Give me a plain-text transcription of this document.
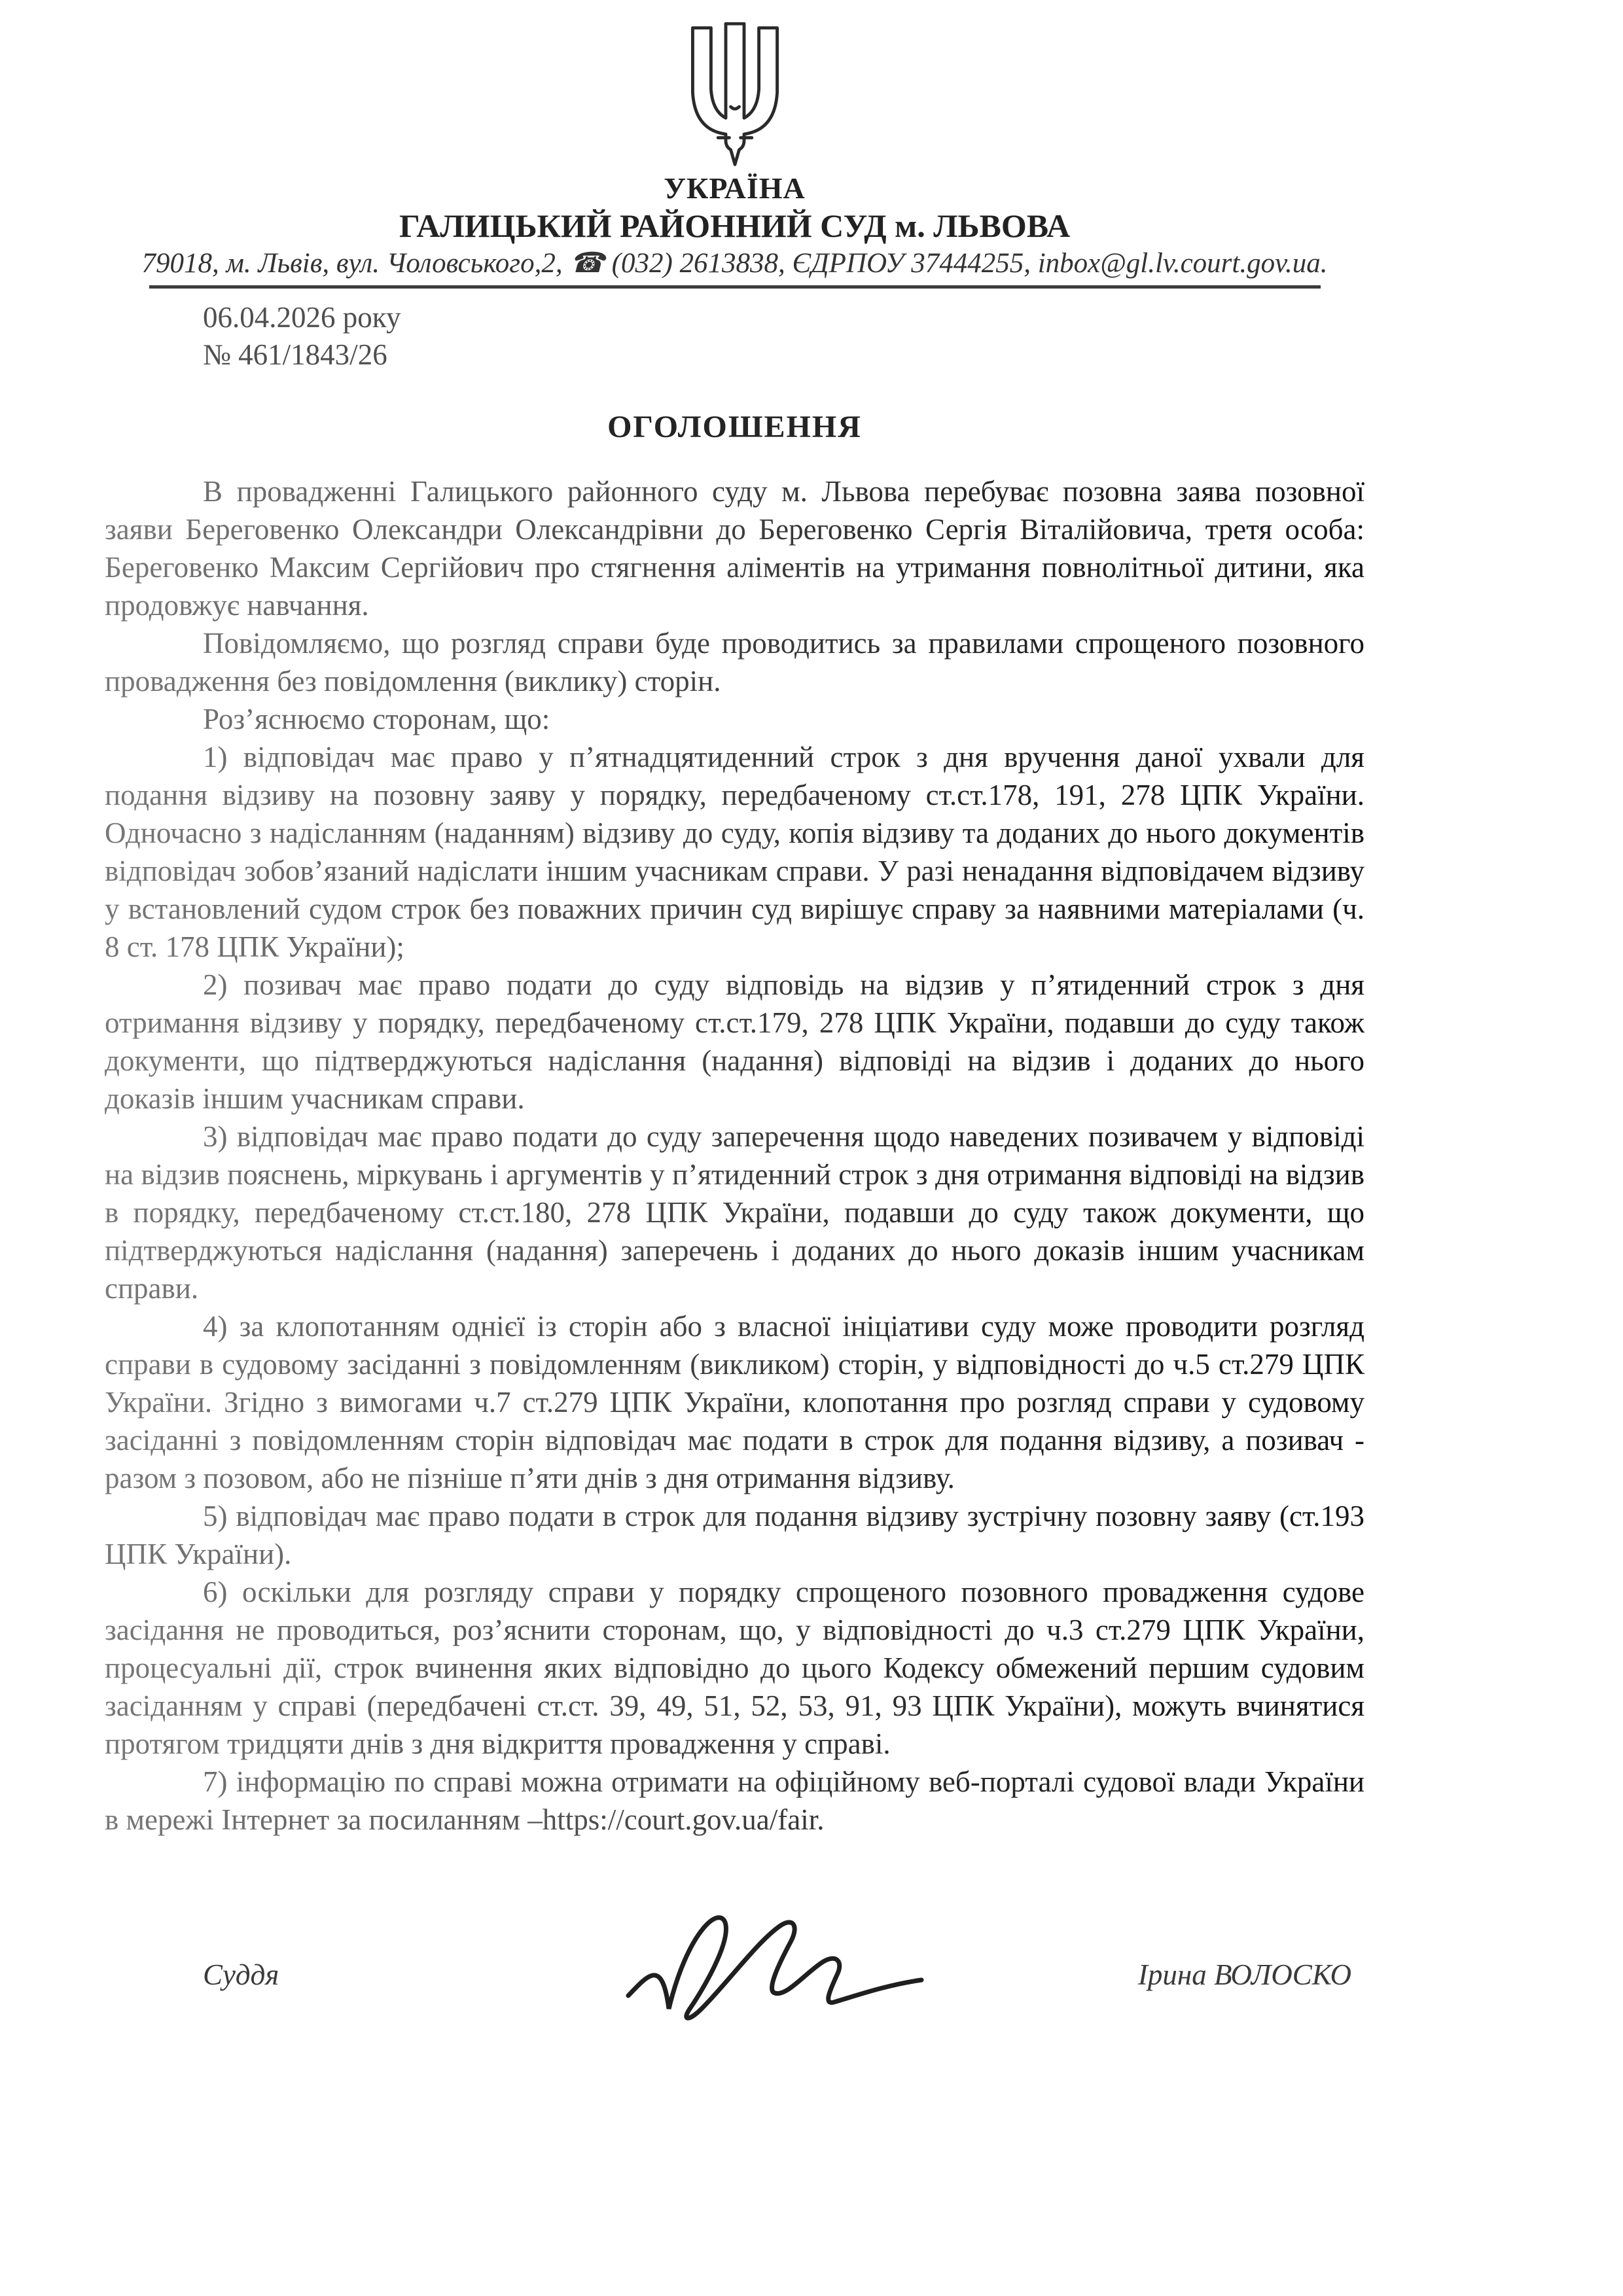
УКРАЇНА
ГАЛИЦЬКИЙ РАЙОННИЙ СУД м. ЛЬВОВА
79018, м. Львів, вул. Чоловського,2, ☎ (032) 2613838, ЄДРПОУ 37444255, inbox@gl.lv.court.gov.ua.
06.04.2026 року
№ 461/1843/26
ОГОЛОШЕННЯ

В провадженні Галицького районного суду м. Львова перебуває позовна заява позовної заяви Береговенко Олександри Олександрівни до Береговенко Сергія Віталійовича, третя особа: Береговенко Максим Сергійович про стягнення аліментів на утримання повнолітньої дитини, яка продовжує навчання.

Повідомляємо, що розгляд справи буде проводитись за правилами спрощеного позовного провадження без повідомлення (виклику) сторін.

Роз’яснюємо сторонам, що:

1) відповідач має право у п’ятнадцятиденний строк з дня вручення даної ухвали для подання відзиву на позовну заяву у порядку, передбаченому ст.ст.178, 191, 278 ЦПК України. Одночасно з надісланням (наданням) відзиву до суду, копія відзиву та доданих до нього документів відповідач зобов’язаний надіслати іншим учасникам справи. У разі ненадання відповідачем відзиву у встановлений судом строк без поважних причин суд вирішує справу за наявними матеріалами (ч. 8 ст. 178 ЦПК України);

2) позивач має право подати до суду відповідь на відзив у п’ятиденний строк з дня отримання відзиву у порядку, передбаченому ст.ст.179, 278 ЦПК України, подавши до суду також документи, що підтверджуються надіслання (надання) відповіді на відзив і доданих до нього доказів іншим учасникам справи.

3) відповідач має право подати до суду заперечення щодо наведених позивачем у відповіді на відзив пояснень, міркувань і аргументів у п’ятиденний строк з дня отримання відповіді на відзив в порядку, передбаченому ст.ст.180, 278 ЦПК України, подавши до суду також документи, що підтверджуються надіслання (надання) заперечень і доданих до нього доказів іншим учасникам справи.

4) за клопотанням однієї із сторін або з власної ініціативи суду може проводити розгляд справи в судовому засіданні з повідомленням (викликом) сторін, у відповідності до ч.5 ст.279 ЦПК України. Згідно з вимогами ч.7 ст.279 ЦПК України, клопотання про розгляд справи у судовому засіданні з повідомленням сторін відповідач має подати в строк для подання відзиву, а позивач - разом з позовом, або не пізніше п’яти днів з дня отримання відзиву.

5) відповідач має право подати в строк для подання відзиву зустрічну позовну заяву (ст.193 ЦПК України).

6) оскільки для розгляду справи у порядку спрощеного позовного провадження судове засідання не проводиться, роз’яснити сторонам, що, у відповідності до ч.3 ст.279 ЦПК України, процесуальні дії, строк вчинення яких відповідно до цього Кодексу обмежений першим судовим засіданням у справі (передбачені ст.ст. 39, 49, 51, 52, 53, 91, 93 ЦПК України), можуть вчинятися протягом тридцяти днів з дня відкриття провадження у справі.

7) інформацію по справі можна отримати на офіційному веб-порталі судової влади України в мережі Інтернет за посиланням –https://court.gov.ua/fair.

Суддя	Ірина ВОЛОСКО
